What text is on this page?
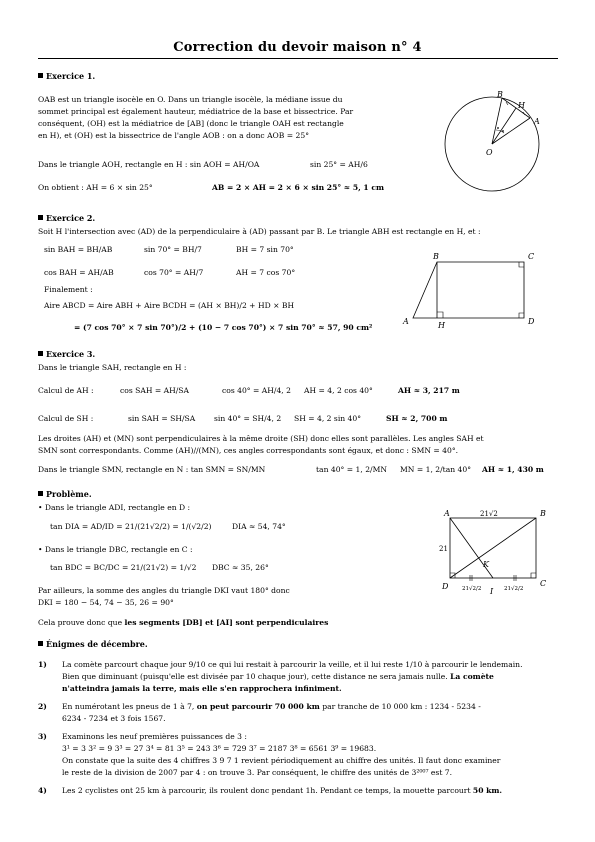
Correction du devoir maison n° 4
Exercice 1.
OAB est un triangle isocèle en O. Dans un triangle isocèle, la médiane issue du
sommet principal est également hauteur, médiatrice de la base et bissectrice. Par
conséquent, (OH) est la médiatrice de [AB] (donc le triangle OAH est rectangle
en H), et (OH) est la bissectrice de l'angle AOB : on a donc AOB = 25°
Dans le triangle AOH, rectangle en H : sin AOH = AH/OA	sin 25° = AH/6
On obtient : AH = 6 × sin 25°	AB = 2 × AH = 2 × 6 × sin 25° ≈ 5, 1 cm
B
H
A
O
Exercice 2.
Soit H l'intersection avec (AD) de la perpendiculaire à (AD) passant par B. Le triangle ABH est rectangle en H, et :
sin BAH = BH/AB	sin 70° = BH/7	BH = 7 sin 70°
cos BAH = AH/AB	cos 70° = AH/7	AH = 7 cos 70°
Finalement :
Aire ABCD = Aire ABH + Aire BCDH = (AH × BH)/2 + HD × BH
= (7 cos 70° × 7 sin 70°)/2 + (10 − 7 cos 70°) × 7 sin 70° ≈ 57, 90 cm²
B	C
A	H	D
Exercice 3.
Dans le triangle SAH, rectangle en H :
Calcul de AH :	cos SAH = AH/SA	cos 40° = AH/4, 2 AH = 4, 2 cos 40°	AH ≈ 3, 217 m
Calcul de SH :	sin SAH = SH/SA sin 40° = SH/4, 2 SH = 4, 2 sin 40°	SH ≈ 2, 700 m
Les droites (AH) et (MN) sont perpendiculaires à la même droite (SH) donc elles sont parallèles. Les angles SAH et
SMN sont correspondants. Comme (AH)//(MN), ces angles correspondants sont égaux, et donc : SMN = 40°.
Dans le triangle SMN, rectangle en N : tan SMN = SN/MN	tan 40° = 1, 2/MN MN = 1, 2/tan 40° AH ≈ 1, 430 m
Problème.
• Dans le triangle ADI, rectangle en D :
tan DIA = AD/ID = 21/(21√2/2) = 1/(√2/2)	DIA ≈ 54, 74°
• Dans le triangle DBC, rectangle en C :
tan BDC = BC/DC = 21/(21√2) = 1/√2 DBC ≈ 35, 26°
Par ailleurs, la somme des angles du triangle DKI vaut 180° donc
DKI = 180 − 54, 74 − 35, 26 = 90°
Cela prouve donc que les segments [DB] et [AI] sont perpendiculaires
A	B
C
D
I
K
21√2
21
21√2/2	21√2/2
Énigmes de décembre.
1) La comète parcourt chaque jour 9/10 ce qui lui restait à parcourir la veille, et il lui reste 1/10 à parcourir le lendemain.
Bien que diminuant (puisqu'elle est divisée par 10 chaque jour), cette distance ne sera jamais nulle. La comète
n'atteindra jamais la terre, mais elle s'en rapprochera infiniment.
2) En numérotant les pneus de 1 à 7, on peut parcourir 70 000 km par tranche de 10 000 km : 1234 - 5234 -
6234 - 7234 et 3 fois 1567.
3) Examinons les neuf premières puissances de 3 :
3¹ = 3 3² = 9 3³ = 27 3⁴ = 81 3⁵ = 243 3⁶ = 729 3⁷ = 2187 3⁸ = 6561 3⁹ = 19683.
On constate que la suite des 4 chiffres 3 9 7 1 revient périodiquement au chiffre des unités. Il faut donc examiner
le reste de la division de 2007 par 4 : on trouve 3. Par conséquent, le chiffre des unités de 3²⁰⁰⁷ est 7.
4) Les 2 cyclistes ont 25 km à parcourir, ils roulent donc pendant 1h. Pendant ce temps, la mouette parcourt 50 km.
